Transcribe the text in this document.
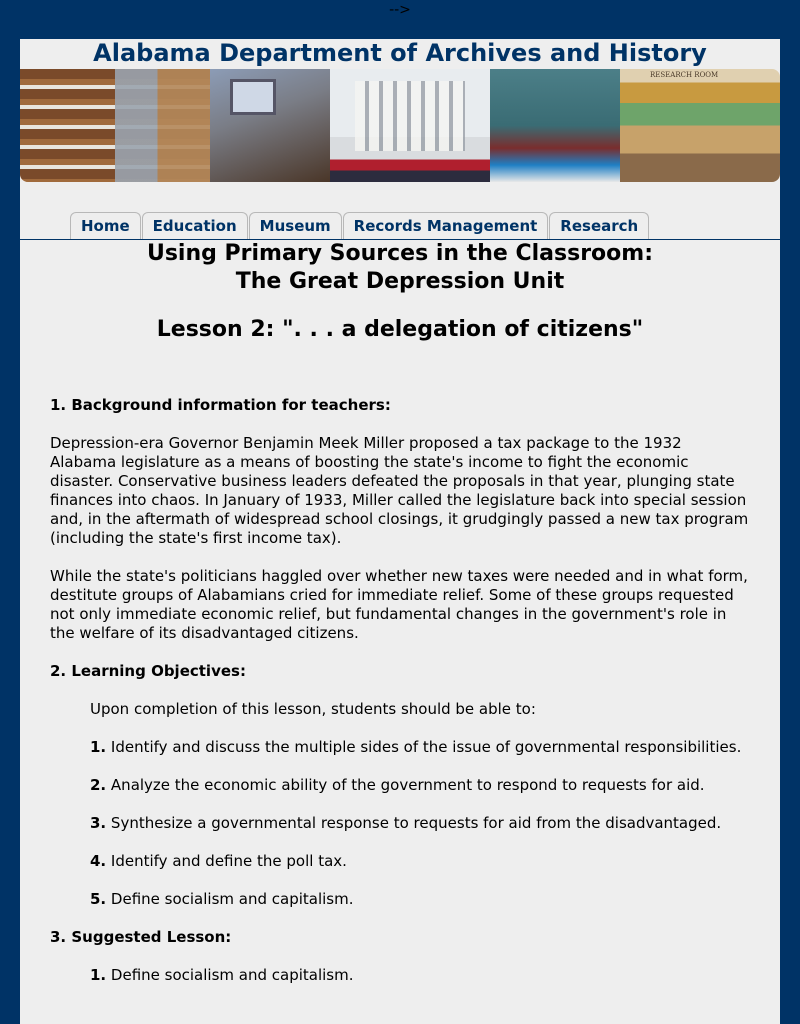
-->
Alabama Department of Archives and History
RESEARCH ROOM
Home	Education	Museum	Records Management	Research
Using Primary Sources in the Classroom:
The Great Depression Unit
Lesson 2: ". . . a delegation of citizens"

1. Background information for teachers:

Depression-era Governor Benjamin Meek Miller proposed a tax package to the 1932 Alabama legislature as a means of boosting the state's income to fight the economic disaster. Conservative business leaders defeated the proposals in that year, plunging state finances into chaos. In January of 1933, Miller called the legislature back into special session and, in the aftermath of widespread school closings, it grudgingly passed a new tax program (including the state's first income tax).

While the state's politicians haggled over whether new taxes were needed and in what form, destitute groups of Alabamians cried for immediate relief. Some of these groups requested not only immediate economic relief, but fundamental changes in the government's role in the welfare of its disadvantaged citizens.

2. Learning Objectives:

Upon completion of this lesson, students should be able to:

1. Identify and discuss the multiple sides of the issue of governmental responsibilities.

2. Analyze the economic ability of the government to respond to requests for aid.

3. Synthesize a governmental response to requests for aid from the disadvantaged.

4. Identify and define the poll tax.

5. Define socialism and capitalism.

3. Suggested Lesson:

1. Define socialism and capitalism.
